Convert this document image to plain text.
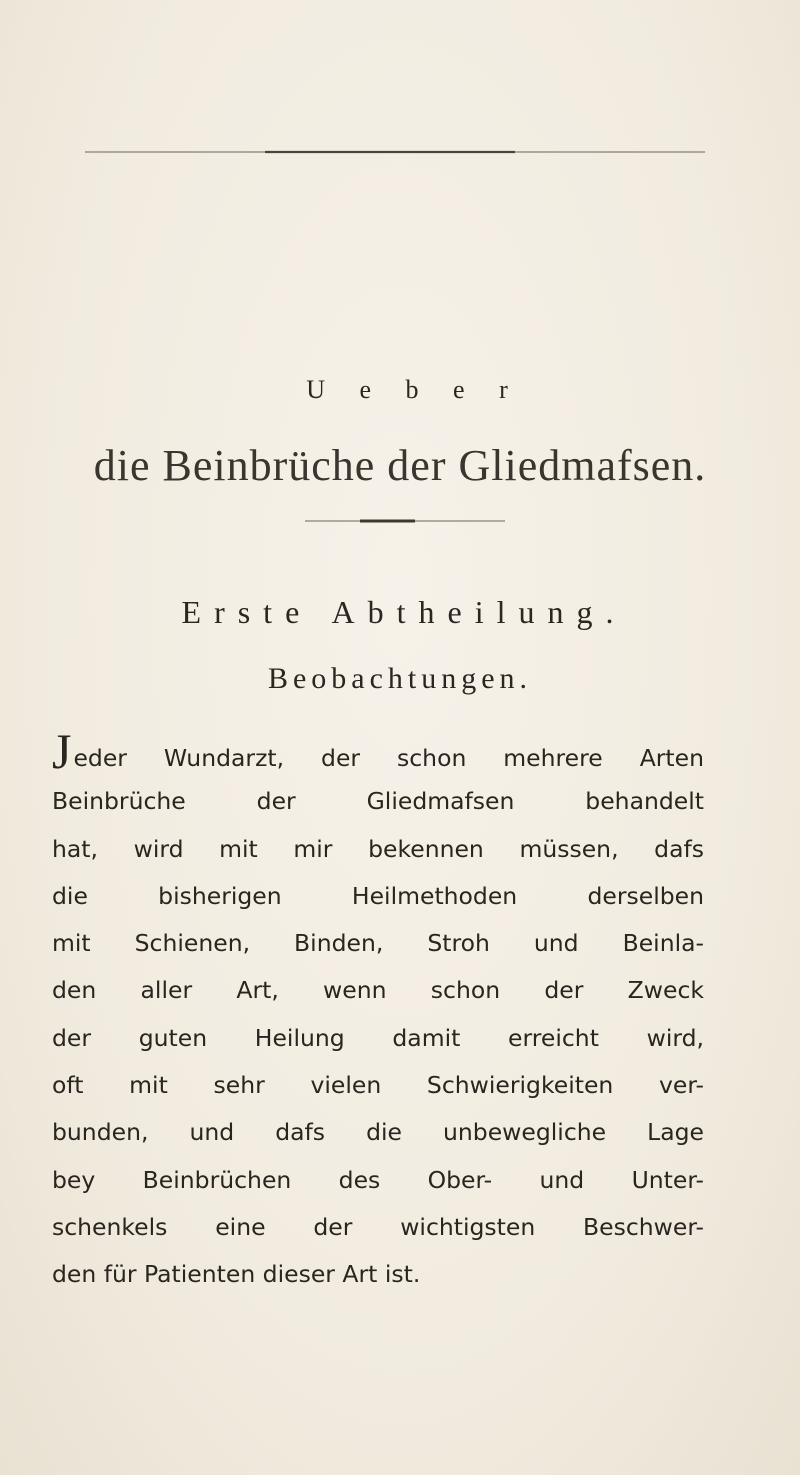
U e b e r
die Beinbrüche der Gliedmafsen.
Erste Abtheilung.
Beobachtungen.
Jeder Wundarzt, der schon mehrere Arten
Beinbrüche der Gliedmafsen behandelt
hat, wird mit mir bekennen müssen, dafs
die bisherigen Heilmethoden derselben
mit Schienen, Binden, Stroh und Beinla-
den aller Art, wenn schon der Zweck
der guten Heilung damit erreicht wird,
oft mit sehr vielen Schwierigkeiten ver-
bunden, und dafs die unbewegliche Lage
bey Beinbrüchen des Ober- und Unter-
schenkels eine der wichtigsten Beschwer-
den für Patienten dieser Art ist.
